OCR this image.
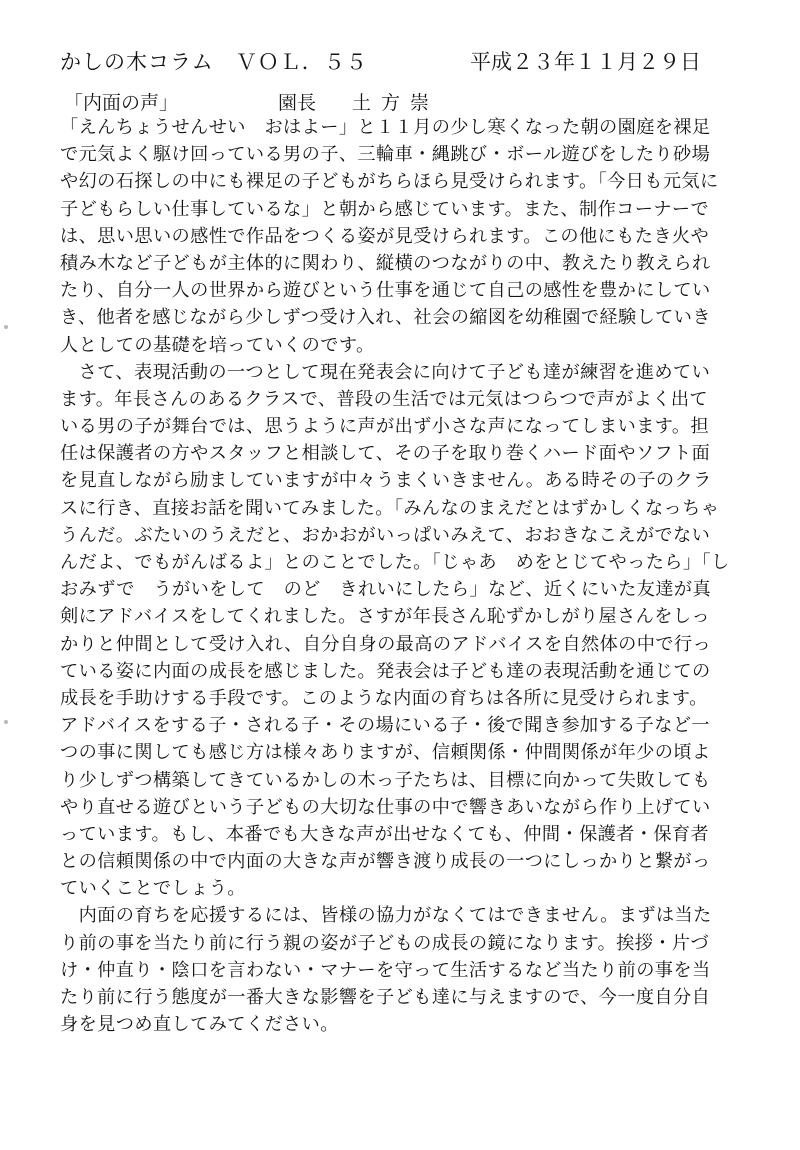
かしの木コラム　ＶＯＬ．５５	平成２３年１１月２９日
「内面の声」	園長 土方崇
「えんちょうせんせい　おはよー」と１１月の少し寒くなった朝の園庭を裸足
で元気よく駆け回っている男の子、三輪車・縄跳び・ボール遊びをしたり砂場
や幻の石探しの中にも裸足の子どもがちらほら見受けられます。「今日も元気に
子どもらしい仕事しているな」と朝から感じています。また、制作コーナーで
は、思い思いの感性で作品をつくる姿が見受けられます。この他にもたき火や
積み木など子どもが主体的に関わり、縦横のつながりの中、教えたり教えられ
たり、自分一人の世界から遊びという仕事を通じて自己の感性を豊かにしてい
き、他者を感じながら少しずつ受け入れ、社会の縮図を幼稚園で経験していき
人としての基礎を培っていくのです。
　さて、表現活動の一つとして現在発表会に向けて子ども達が練習を進めてい
ます。年長さんのあるクラスで、普段の生活では元気はつらつで声がよく出て
いる男の子が舞台では、思うように声が出ず小さな声になってしまいます。担
任は保護者の方やスタッフと相談して、その子を取り巻くハード面やソフト面
を見直しながら励ましていますが中々うまくいきません。ある時その子のクラ
スに行き、直接お話を聞いてみました。「みんなのまえだとはずかしくなっちゃ
うんだ。ぶたいのうえだと、おかおがいっぱいみえて、おおきなこえがでない
んだよ、でもがんばるよ」とのことでした。「じゃあ　めをとじてやったら」「し
おみずで　うがいをして　のど　きれいにしたら」など、近くにいた友達が真
剣にアドバイスをしてくれました。さすが年長さん恥ずかしがり屋さんをしっ
かりと仲間として受け入れ、自分自身の最高のアドバイスを自然体の中で行っ
ている姿に内面の成長を感じました。発表会は子ども達の表現活動を通じての
成長を手助けする手段です。このような内面の育ちは各所に見受けられます。
アドバイスをする子・される子・その場にいる子・後で聞き参加する子など一
つの事に関しても感じ方は様々ありますが、信頼関係・仲間関係が年少の頃よ
り少しずつ構築してきているかしの木っ子たちは、目標に向かって失敗しても
やり直せる遊びという子どもの大切な仕事の中で響きあいながら作り上げてい
っています。もし、本番でも大きな声が出せなくても、仲間・保護者・保育者
との信頼関係の中で内面の大きな声が響き渡り成長の一つにしっかりと繋がっ
ていくことでしょう。
　内面の育ちを応援するには、皆様の協力がなくてはできません。まずは当た
り前の事を当たり前に行う親の姿が子どもの成長の鏡になります。挨拶・片づ
け・仲直り・陰口を言わない・マナーを守って生活するなど当たり前の事を当
たり前に行う態度が一番大きな影響を子ども達に与えますので、今一度自分自
身を見つめ直してみてください。
